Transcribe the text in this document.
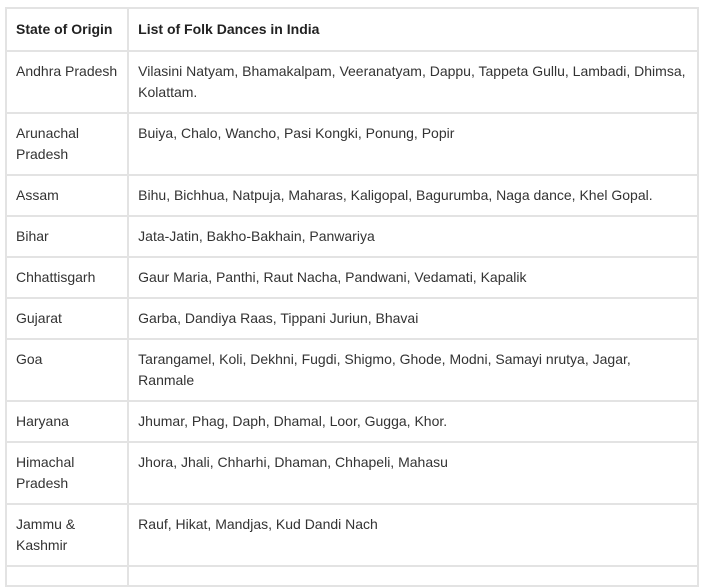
State of Origin	List of Folk Dances in India
Andhra Pradesh	Vilasini Natyam, Bhamakalpam, Veeranatyam, Dappu, Tappeta Gullu, Lambadi, Dhimsa, Kolattam.
Arunachal Pradesh	Buiya, Chalo, Wancho, Pasi Kongki, Ponung, Popir
Assam	Bihu, Bichhua, Natpuja, Maharas, Kaligopal, Bagurumba, Naga dance, Khel Gopal.
Bihar	Jata-Jatin, Bakho-Bakhain, Panwariya
Chhattisgarh	Gaur Maria, Panthi, Raut Nacha, Pandwani, Vedamati, Kapalik
Gujarat	Garba, Dandiya Raas, Tippani Juriun, Bhavai
Goa	Tarangamel, Koli, Dekhni, Fugdi, Shigmo, Ghode, Modni, Samayi nrutya, Jagar, Ranmale
Haryana	Jhumar, Phag, Daph, Dhamal, Loor, Gugga, Khor.
Himachal Pradesh	Jhora, Jhali, Chharhi, Dhaman, Chhapeli, Mahasu
Jammu & Kashmir	Rauf, Hikat, Mandjas, Kud Dandi Nach
